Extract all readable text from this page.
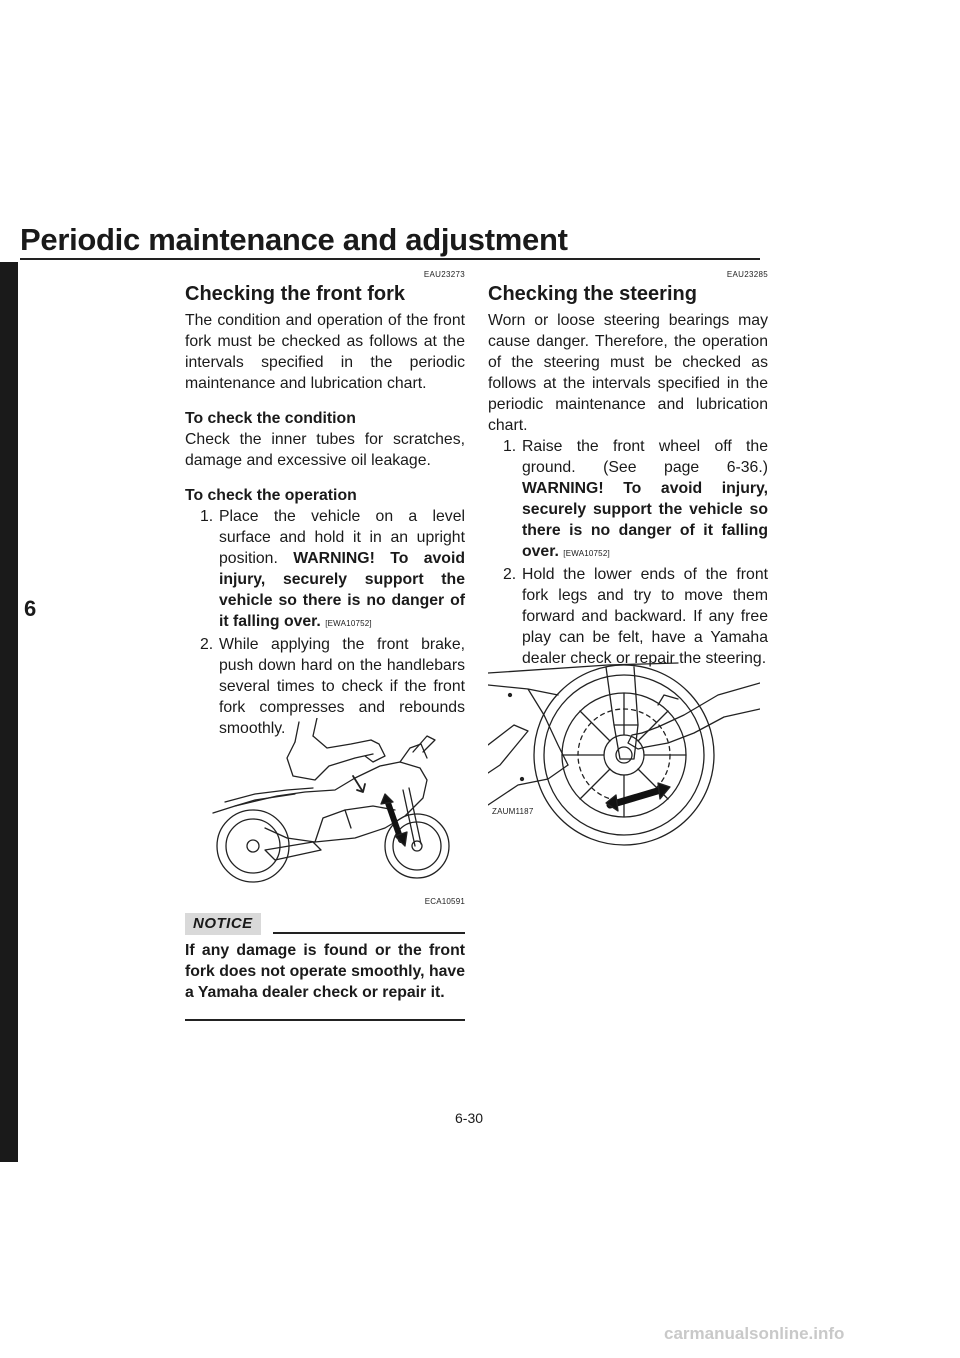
Periodic maintenance and adjustment
6
EAU23273
Checking the front fork

The condition and operation of the front fork must be checked as follows at the intervals specified in the periodic maintenance and lubrication chart.

To check the condition

Check the inner tubes for scratches, damage and excessive oil leakage.

To check the operation

1. Place the vehicle on a level surface and hold it in an upright position. WARNING! To avoid injury, securely support the vehicle so there is no danger of it falling over. [EWA10752]
2. While applying the front brake, push down hard on the handlebars several times to check if the front fork compresses and rebounds smoothly.
ECA10591
NOTICE
If any damage is found or the front fork does not operate smoothly, have a Yamaha dealer check or repair it.
EAU23285
Checking the steering

Worn or loose steering bearings may cause danger. Therefore, the operation of the steering must be checked as follows at the intervals specified in the periodic maintenance and lubrication chart.

1. Raise the front wheel off the ground. (See page 6-36.) WARNING! To avoid injury, securely support the vehicle so there is no danger of it falling over. [EWA10752]
2. Hold the lower ends of the front fork legs and try to move them forward and backward. If any free play can be felt, have a Yamaha dealer check or repair the steering.
ZAUM1187
6-30
carmanualsonline.info
